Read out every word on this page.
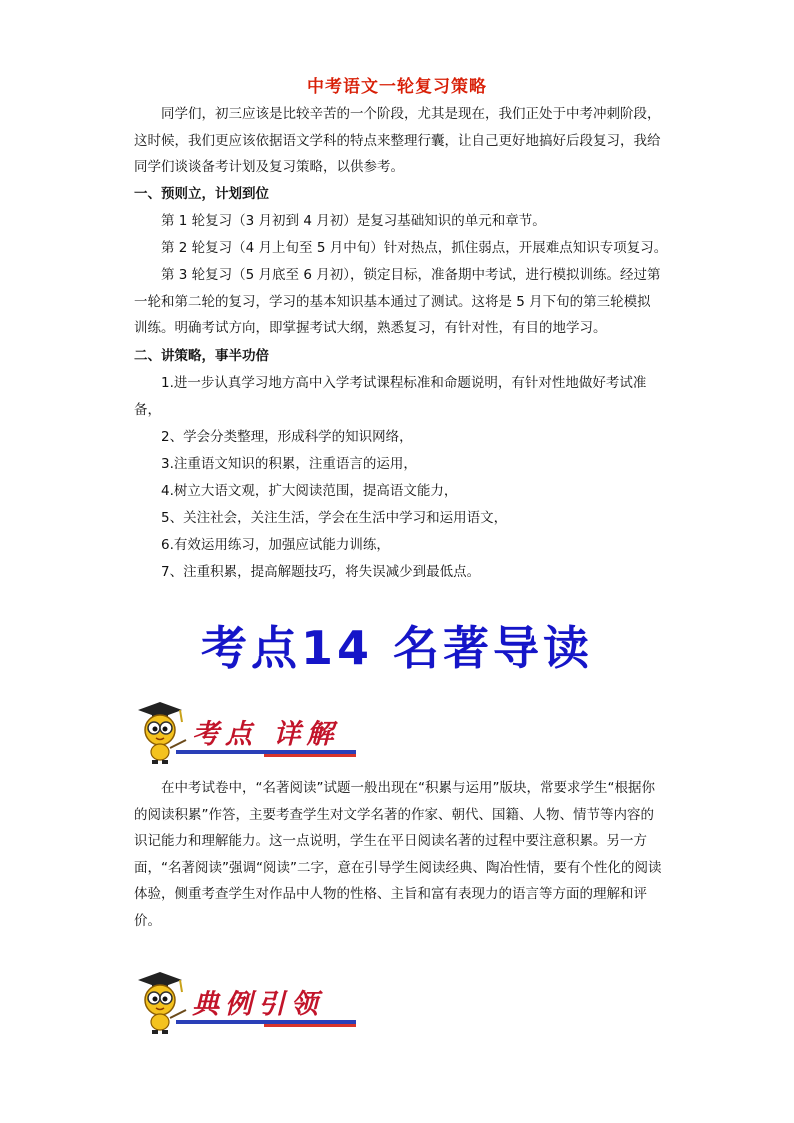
中考语文一轮复习策略

同学们，初三应该是比较辛苦的一个阶段，尤其是现在，我们正处于中考冲刺阶段，这时候，我们更应该依据语文学科的特点来整理行囊，让自己更好地搞好后段复习，我给同学们谈谈备考计划及复习策略，以供参考。

一、预则立，计划到位

第 1 轮复习（3 月初到 4 月初）是复习基础知识的单元和章节。

第 2 轮复习（4 月上旬至 5 月中旬）针对热点，抓住弱点，开展难点知识专项复习。

第 3 轮复习（5 月底至 6 月初），锁定目标，准备期中考试，进行模拟训练。经过第一轮和第二轮的复习，学习的基本知识基本通过了测试。这将是 5 月下旬的第三轮模拟训练。明确考试方向，即掌握考试大纲，熟悉复习，有针对性，有目的地学习。

二、讲策略，事半功倍

1.进一步认真学习地方高中入学考试课程标准和命题说明，有针对性地做好考试准备，

2、学会分类整理，形成科学的知识网络，

3.注重语文知识的积累，注重语言的运用，

4.树立大语文观，扩大阅读范围，提高语文能力，

5、关注社会，关注生活，学会在生活中学习和运用语文，

6.有效运用练习，加强应试能力训练，

7、注重积累，提高解题技巧，将失误减少到最低点。

考点14 名著导读
考点 详解

在中考试卷中，“名著阅读”试题一般出现在“积累与运用”版块，常要求学生“根据你的阅读积累”作答，主要考查学生对文学名著的作家、朝代、国籍、人物、情节等内容的识记能力和理解能力。这一点说明，学生在平日阅读名著的过程中要注意积累。另一方面，“名著阅读”强调“阅读”二字，意在引导学生阅读经典、陶冶性情，要有个性化的阅读体验，侧重考查学生对作品中人物的性格、主旨和富有表现力的语言等方面的理解和评价。

典例引领
